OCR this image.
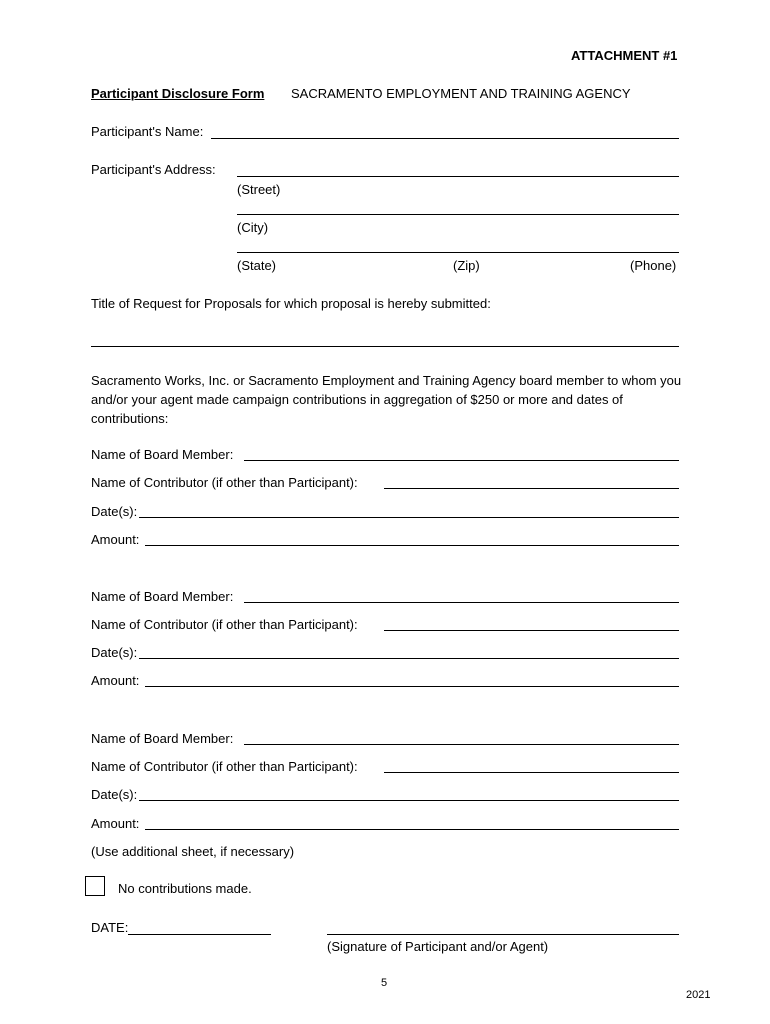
ATTACHMENT #1
Participant Disclosure Form SACRAMENTO EMPLOYMENT AND TRAINING AGENCY
Participant's Name:
Participant's Address:
(Street)
(City)
(State)	(Zip)	(Phone)
Title of Request for Proposals for which proposal is hereby submitted:
Sacramento Works, Inc. or Sacramento Employment and Training Agency board member to whom you and/or your agent made campaign contributions in aggregation of $250 or more and dates of contributions:
Name of Board Member:
Name of Contributor (if other than Participant):
Date(s):
Amount:
Name of Board Member:
Name of Contributor (if other than Participant):
Date(s):
Amount:
Name of Board Member:
Name of Contributor (if other than Participant):
Date(s):
Amount:
(Use additional sheet, if necessary)
No contributions made.
DATE:
(Signature of Participant and/or Agent)
5
2021
